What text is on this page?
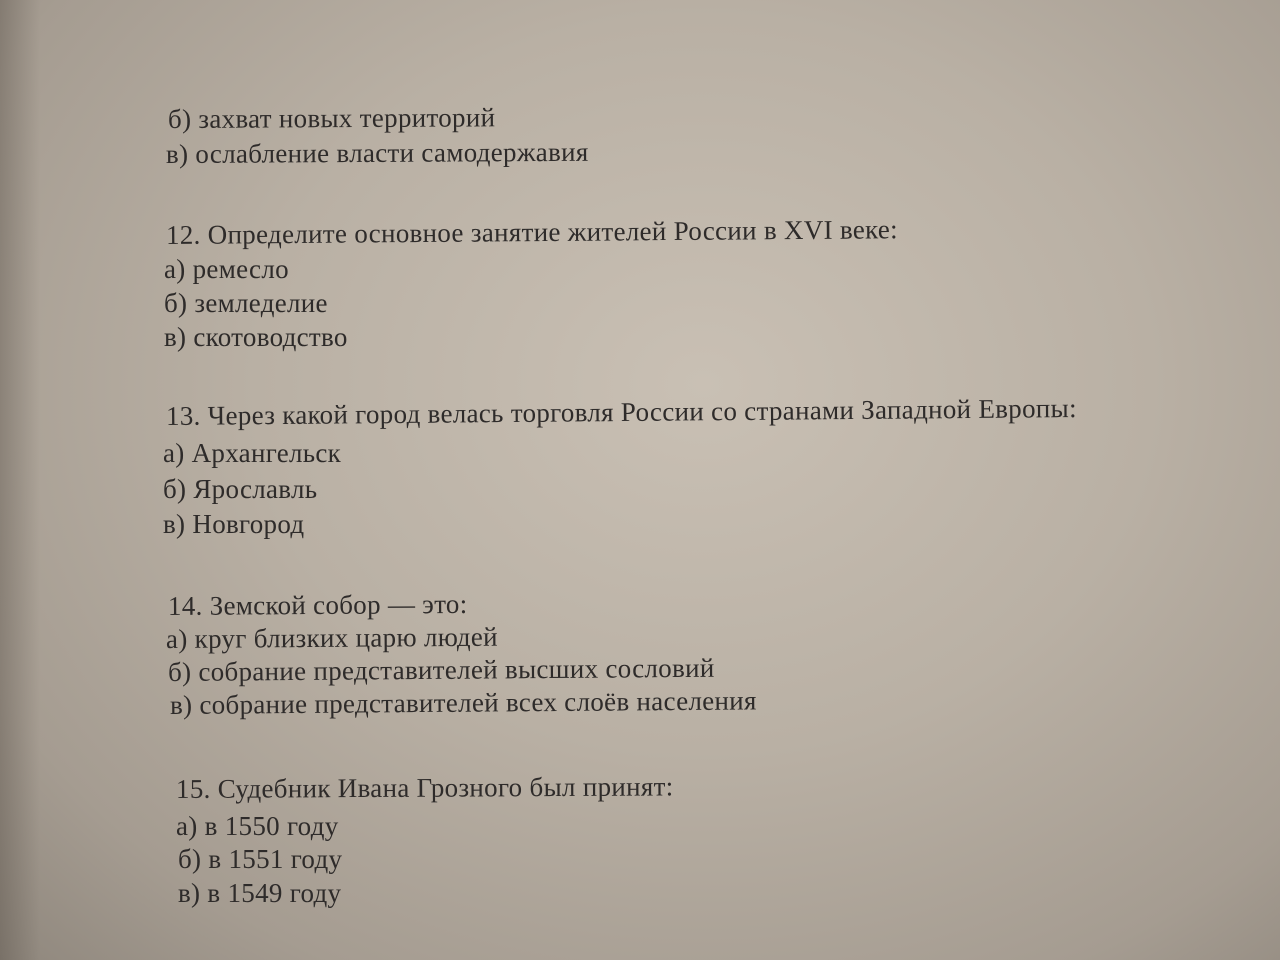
б) захват новых территорий
в) ослабление власти самодержавия
12. Определите основное занятие жителей России в XVI веке:
а) ремесло
б) земледелие
в) скотоводство
13. Через какой город велась торговля России со странами Западной Европы:
а) Архангельск
б) Ярославль
в) Новгород
14. Земской собор — это:
а) круг близких царю людей
б) собрание представителей высших сословий
в) собрание представителей всех слоёв населения
15. Судебник Ивана Грозного был принят:
а) в 1550 году
б) в 1551 году
в) в 1549 году
